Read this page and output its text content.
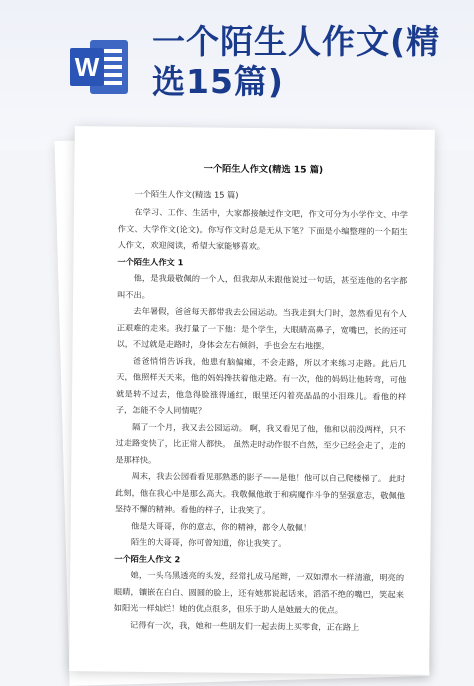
W
一个陌生人作文(精选15篇)
一个陌生人作文(精选 15 篇)

一个陌生人作文(精选 15 篇)

在学习、工作、生活中，大家都接触过作文吧，作文可分为小学作文、中学作文、大学作文(论文)。你写作文时总是无从下笔？下面是小编整理的一个陌生人作文，欢迎阅读，希望大家能够喜欢。

一个陌生人作文 1

他，是我最敬佩的一个人，但我却从未跟他说过一句话，甚至连他的名字都叫不出。

去年暑假，爸爸每天都带我去公园运动。当我走到大门时，忽然看见有个人正艰难的走来。我打量了一下他：是个学生，大眼睛高鼻子，宽嘴巴，长的还可以，不过就是走路时，身体会左右倾斜，手也会左右地摆。

爸爸悄悄告诉我，他患有脑偏瘫，不会走路，所以才来练习走路。此后几天，他照样天天来，他的妈妈搀扶着他走路。有一次，他的妈妈让他转弯，可他就是转不过去，他急得脸涨得通红，眼里还闪着亮晶晶的小泪珠儿。看他的样子，怎能不令人同情呢？

隔了一个月，我又去公园运动。 啊，我又看见了他，他和以前没两样，只不过走路变快了，比正常人都快。 虽然走时动作很不自然，至少已经会走了，走的是那样快。

周末，我去公园看看见那熟悉的影子——是他！他可以自己爬楼梯了。 此时此刻，他在我心中是那么高大。我敬佩他敢于和病魔作斗争的坚强意志，敬佩他坚持不懈的精神。看他的样子，让我笑了。

他是大哥哥，你的意志，你的精神，都令人敬佩！

陌生的大哥哥，你可曾知道，你让我笑了。

一个陌生人作文 2

她，一头乌黑透亮的头发，经常扎成马尾辫，一双如潭水一样清澈，明亮的眼睛，镶嵌在白白、圆圆的脸上，还有她那说起话来，滔滔不绝的嘴巴，笑起来如阳光一样灿烂！她的优点很多，但乐于助人是她最大的优点。

记得有一次，我，她和一些朋友们一起去街上买零食，正在路上
